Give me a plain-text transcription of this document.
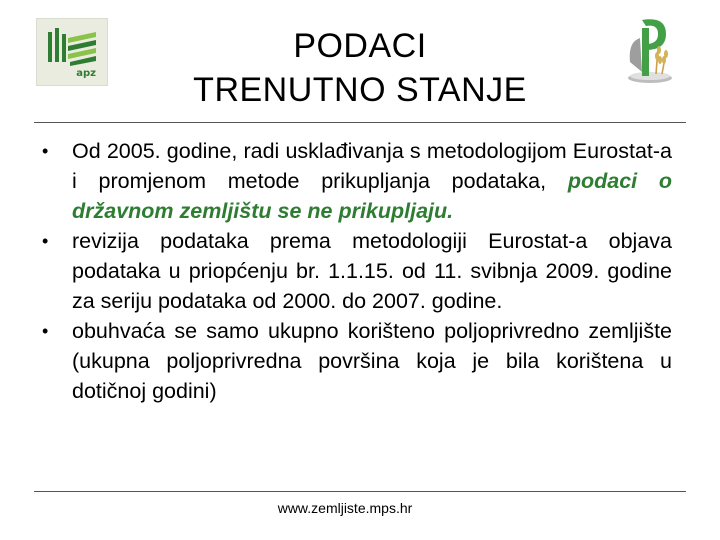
apz
PODACI
TRENUTNO STANJE
• Od 2005. godine, radi usklađivanja s metodologijom Eurostat-a i promjenom metode prikupljanja podataka, podaci o državnom zemljištu se ne prikupljaju.
• revizija podataka prema metodologiji Eurostat-a objava podataka u priopćenju br. 1.1.15. od 11. svibnja 2009. godine za seriju podataka od 2000. do 2007. godine.
• obuhvaća se samo ukupno korišteno poljoprivredno zemljište (ukupna poljoprivredna površina koja je bila korištena u dotičnoj godini)
www.zemljiste.mps.hr
